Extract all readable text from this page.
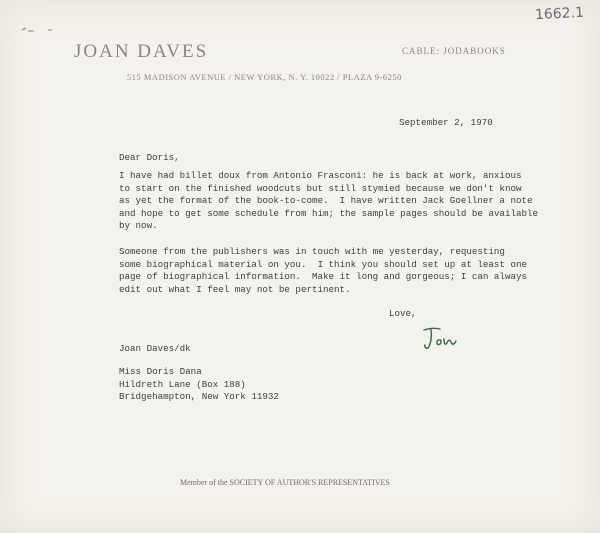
1662.1
JOAN DAVES	CABLE: JODABOOKS
515 MADISON AVENUE / NEW YORK, N. Y. 10022 / PLAZA 9-6250
September 2, 1970
Dear Doris,
I have had billet doux from Antonio Frasconi: he is back at work, anxious
to start on the finished woodcuts but still stymied because we don't know
as yet the format of the book-to-come.  I have written Jack Goellner a note
and hope to get some schedule from him; the sample pages should be available
by now.
Someone from the publishers was in touch with me yesterday, requesting
some biographical material on you.  I think you should set up at least one
page of biographical information.  Make it long and gorgeous; I can always
edit out what I feel may not be pertinent.
Love,
Joan Daves/dk
Miss Doris Dana
Hildreth Lane (Box 188)
Bridgehampton, New York 11932
Member of the SOCIETY OF AUTHOR'S REPRESENTATIVES
